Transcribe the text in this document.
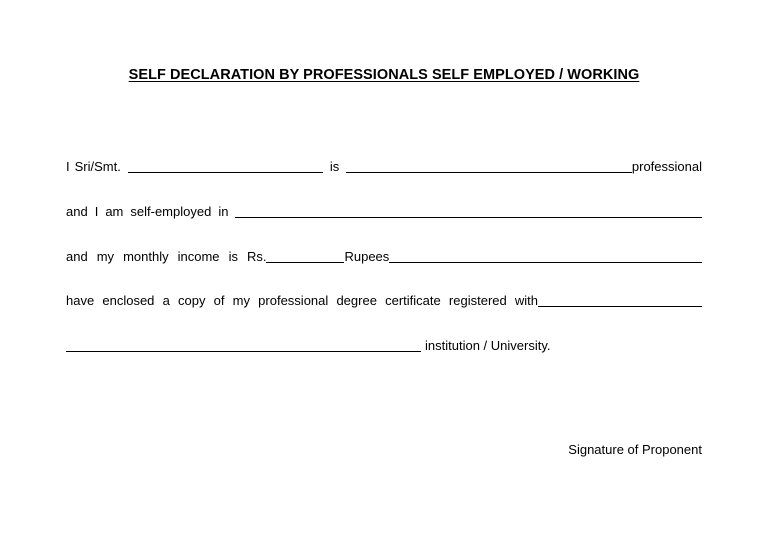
SELF DECLARATION BY PROFESSIONALS SELF EMPLOYED / WORKING
I Sri/Smt.	is	professional
and I am self-employed in
and my monthly income is Rs.	Rupees
have enclosed a copy of my professional degree certificate registered with
institution / University.
Signature of Proponent
